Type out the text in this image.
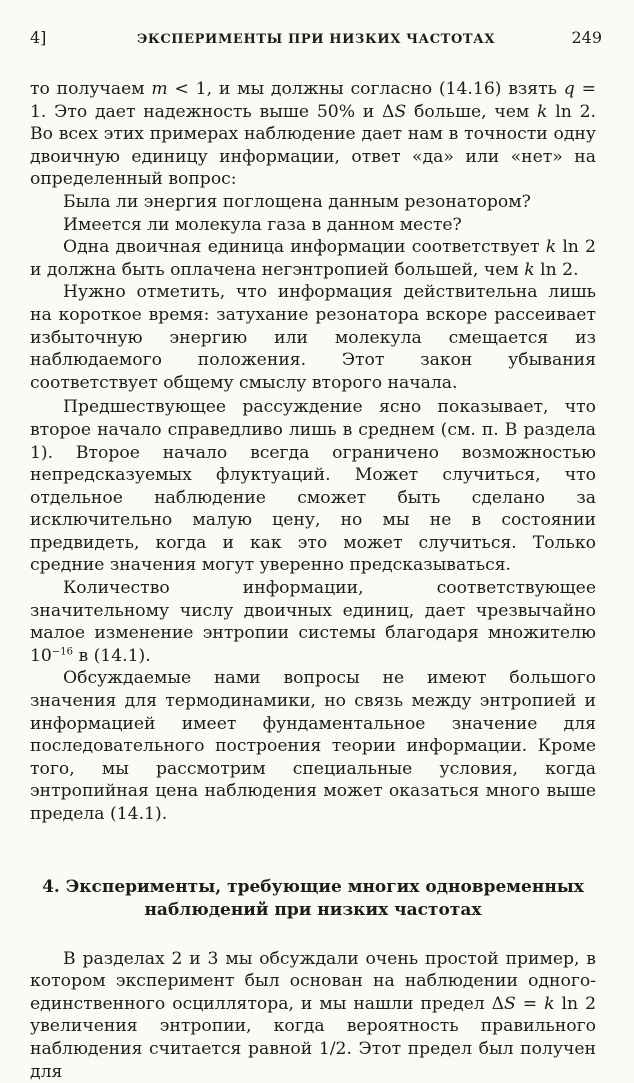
4]	ЭКСПЕРИМЕНТЫ ПРИ НИЗКИХ ЧАСТОТАХ	249

то получаем m < 1, и мы должны согласно (14.16) взять q = 1. Это дает надежность выше 50% и ΔS больше, чем k ln 2. Во всех этих примерах наблюдение дает нам в точности одну двоичную единицу информации, ответ «да» или «нет» на определенный вопрос:

Была ли энергия поглощена данным резонатором?

Имеется ли молекула газа в данном месте?

Одна двоичная единица информации соответствует k ln 2 и должна быть оплачена негэнтропией большей, чем k ln 2.

Нужно отметить, что информация действительна лишь на короткое время: затухание резонатора вскоре рассеивает избыточную энергию или молекула смещается из наблюдаемого положения. Этот закон убывания соответствует общему смыслу второго начала.

Предшествующее рассуждение ясно показывает, что второе начало справедливо лишь в среднем (см. п. В раздела 1). Второе начало всегда ограничено возможностью непредсказуемых флуктуаций. Может случиться, что отдельное наблюдение сможет быть сделано за исключительно малую цену, но мы не в состоянии предвидеть, когда и как это может случиться. Только средние значения могут уверенно предсказываться.

Количество информации, соответствующее значительному числу двоичных единиц, дает чрезвычайно малое изменение энтропии системы благодаря множителю $10^{-16}$ в (14.1).

Обсуждаемые нами вопросы не имеют большого значения для термодинамики, но связь между энтропией и информацией имеет фундаментальное значение для последовательного построения теории информации. Кроме того, мы рассмотрим специальные условия, когда энтропийная цена наблюдения может оказаться много выше предела (14.1).

4. Эксперименты, требующие многих одновременных
наблюдений при низких частотах

В разделах 2 и 3 мы обсуждали очень простой пример, в котором эксперимент был основан на наблюдении одного-единственного осциллятора, и мы нашли предел ΔS = k ln 2 увеличения энтропии, когда вероятность правильного наблюдения считается равной 1/2. Этот предел был получен для
